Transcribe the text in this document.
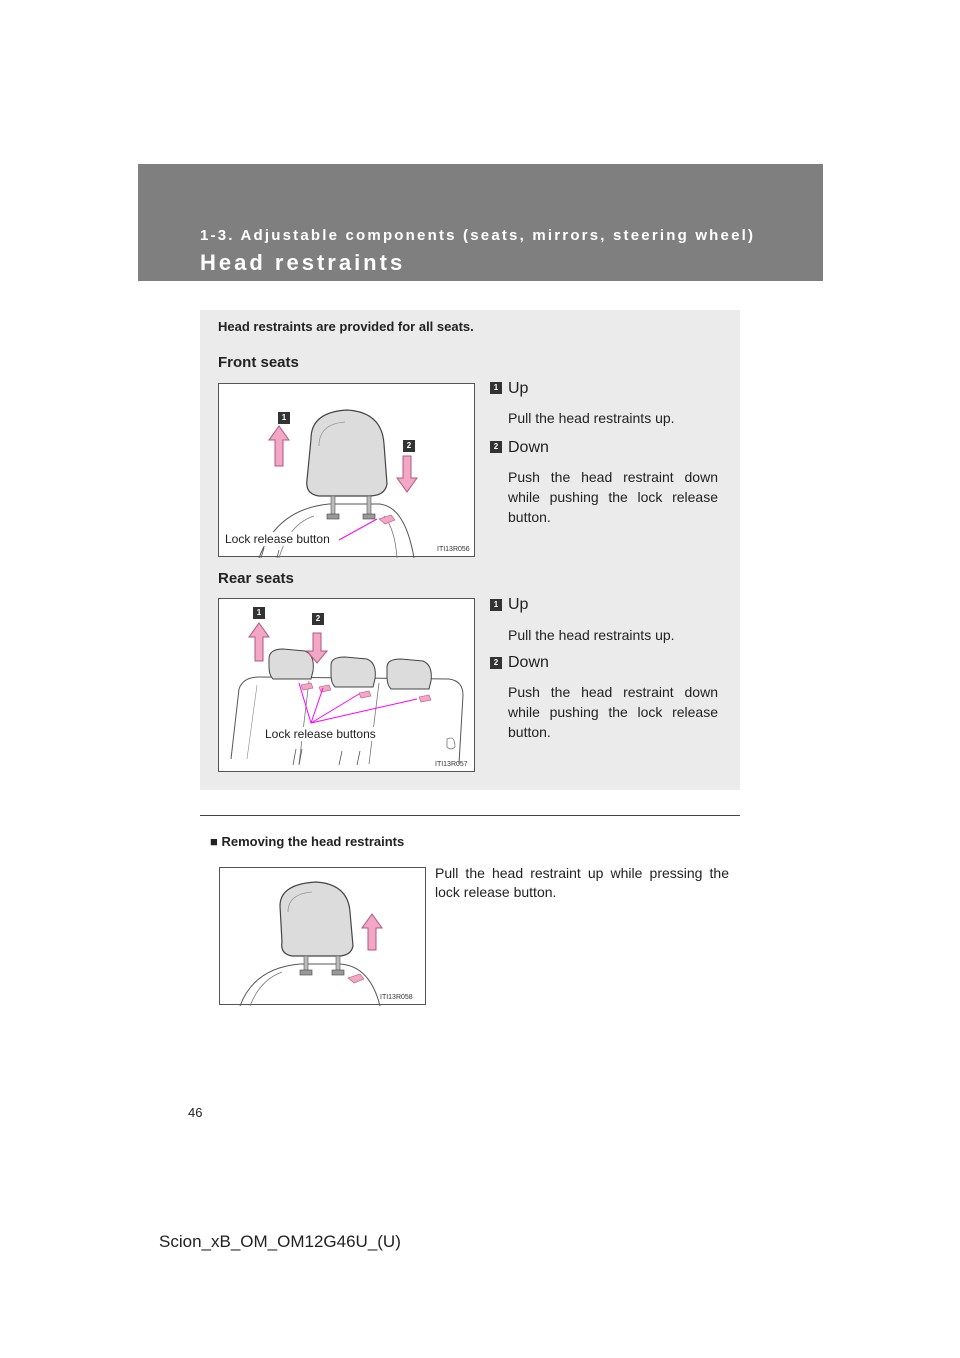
1-3. Adjustable components (seats, mirrors, steering wheel)
Head restraints
Head restraints are provided for all seats.
Front seats
1
2
Lock release button
ITI13R056
1 Up
Pull the head restraints up.
2 Down
Push the head restraint down while pushing the lock release button.
Rear seats
1
2
Lock release buttons
ITI13R057
1 Up
Pull the head restraints up.
2 Down
Push the head restraint down while pushing the lock release button.
■ Removing the head restraints
ITI13R058
Pull the head restraint up while pressing the lock release button.
46
Scion_xB_OM_OM12G46U_(U)
